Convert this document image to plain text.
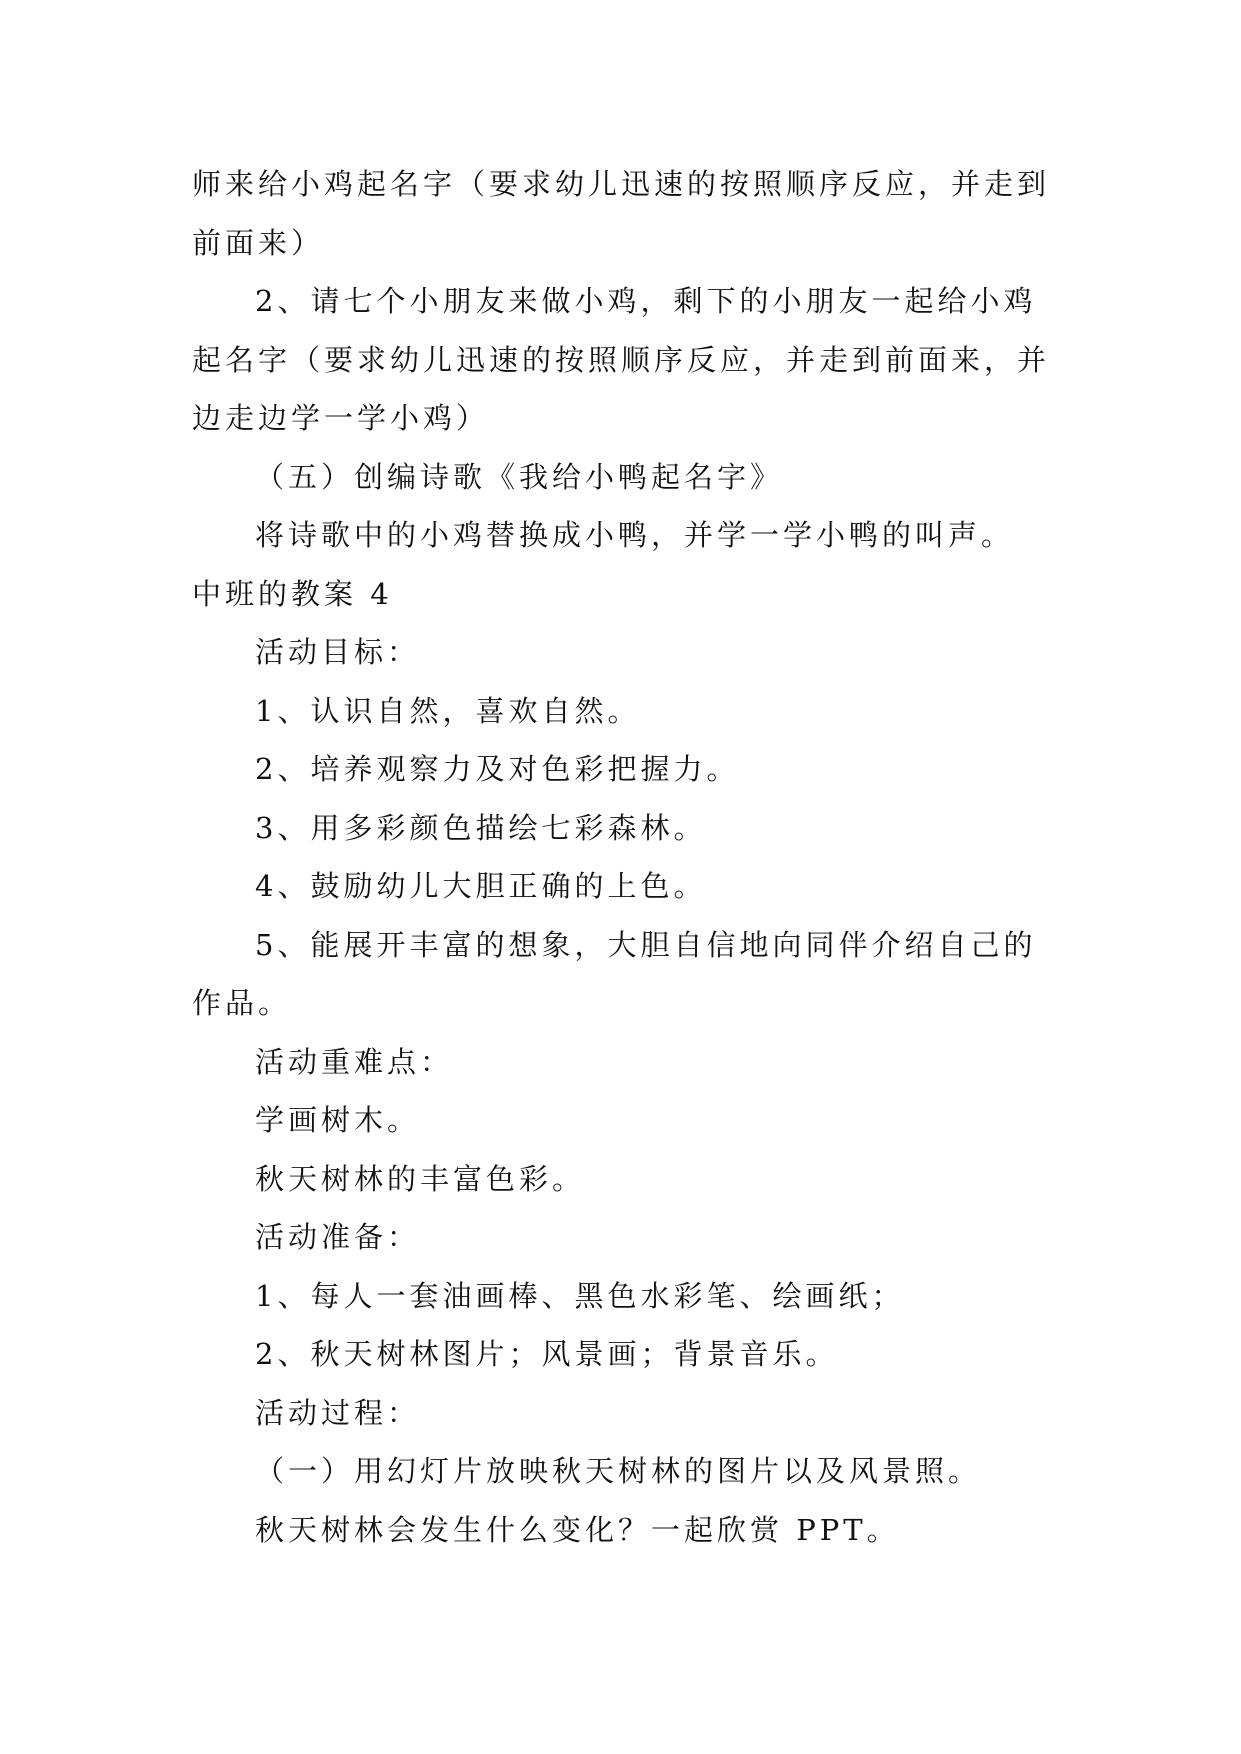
师来给小鸡起名字（要求幼儿迅速的按照顺序反应，并走到
前面来）
2、请七个小朋友来做小鸡，剩下的小朋友一起给小鸡
起名字（要求幼儿迅速的按照顺序反应，并走到前面来，并
边走边学一学小鸡）
（五）创编诗歌《我给小鸭起名字》
将诗歌中的小鸡替换成小鸭，并学一学小鸭的叫声。
中班的教案 4
活动目标：
1、认识自然，喜欢自然。
2、培养观察力及对色彩把握力。
3、用多彩颜色描绘七彩森林。
4、鼓励幼儿大胆正确的上色。
5、能展开丰富的想象，大胆自信地向同伴介绍自己的
作品。
活动重难点：
学画树木。
秋天树林的丰富色彩。
活动准备：
1、每人一套油画棒、黑色水彩笔、绘画纸；
2、秋天树林图片；风景画；背景音乐。
活动过程：
（一）用幻灯片放映秋天树林的图片以及风景照。
秋天树林会发生什么变化？一起欣赏 PPT。
